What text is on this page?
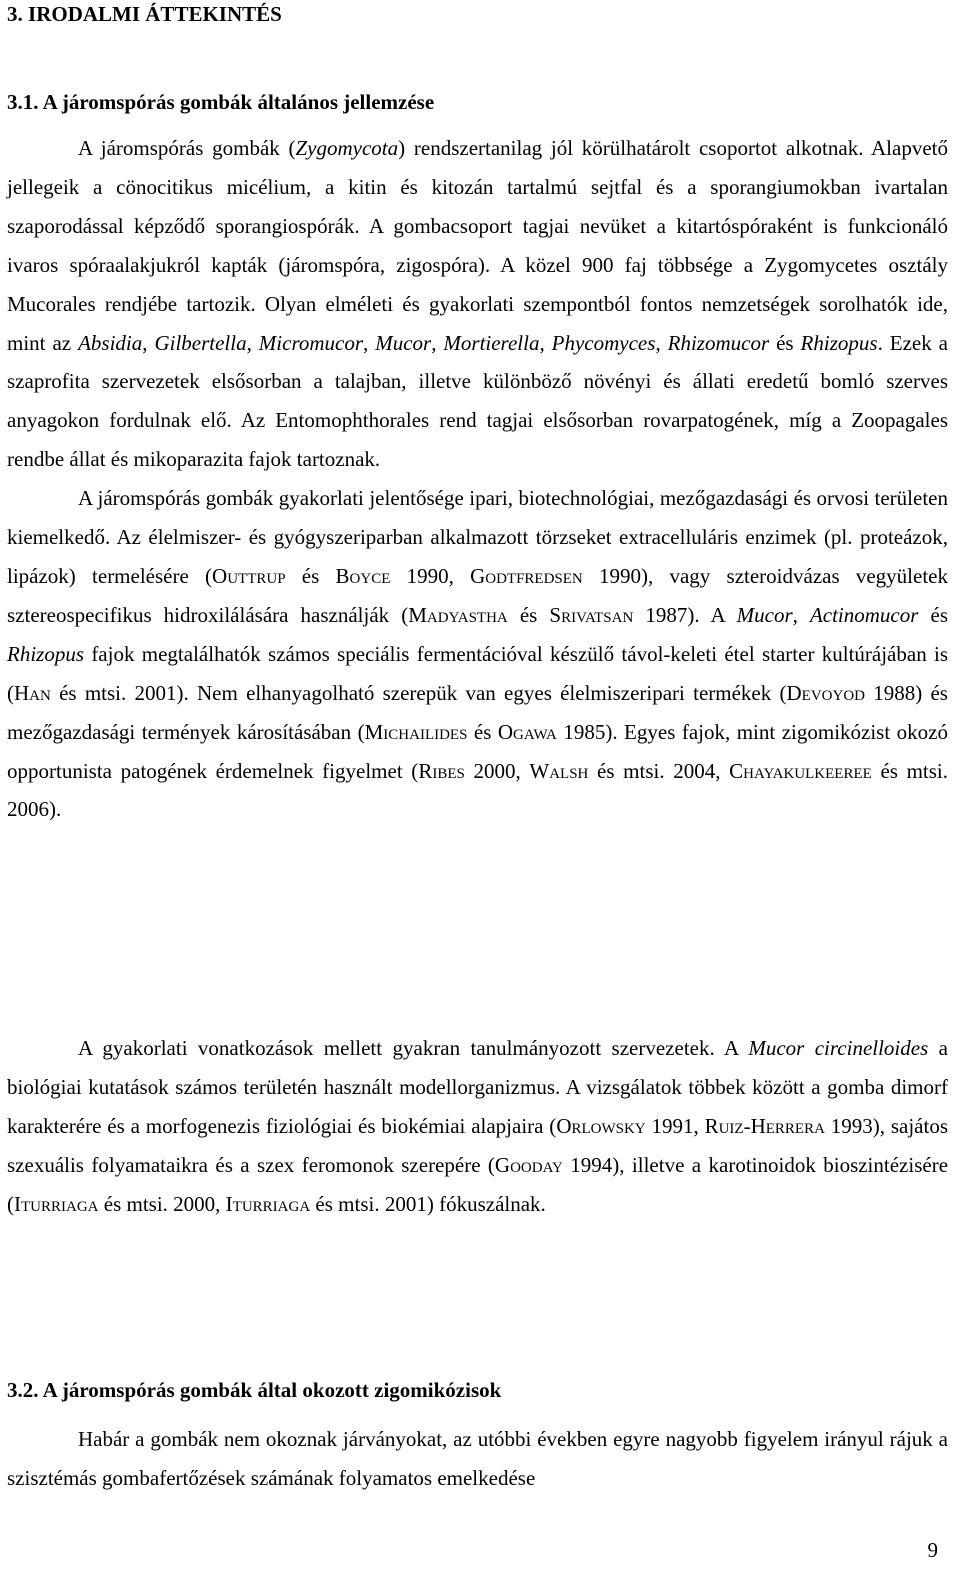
3. IRODALMI ÁTTEKINTÉS
3.1. A járomspórás gombák általános jellemzése

A járomspórás gombák (Zygomycota) rendszertanilag jól körülhatárolt csoportot alkotnak. Alapvető jellegeik a cönocitikus micélium, a kitin és kitozán tartalmú sejtfal és a sporangiumokban ivartalan szaporodással képződő sporangiospórák. A gombacsoport tagjai nevüket a kitartóspóraként is funkcionáló ivaros spóraalakjukról kapták (járomspóra, zigospóra). A közel 900 faj többsége a Zygomycetes osztály Mucorales rendjébe tartozik. Olyan elméleti és gyakorlati szempontból fontos nemzetségek sorolhatók ide, mint az Absidia, Gilbertella, Micromucor, Mucor, Mortierella, Phycomyces, Rhizomucor és Rhizopus. Ezek a szaprofita szervezetek elsősorban a talajban, illetve különböző növényi és állati eredetű bomló szerves anyagokon fordulnak elő. Az Entomophthorales rend tagjai elsősorban rovarpatogének, míg a Zoopagales rendbe állat és mikoparazita fajok tartoznak.
A járomspórás gombák gyakorlati jelentősége ipari, biotechnológiai, mezőgazdasági és orvosi területen kiemelkedő. Az élelmiszer- és gyógyszeriparban alkalmazott törzseket extracelluláris enzimek (pl. proteázok, lipázok) termelésére (Outtrup és Boyce 1990, Godtfredsen 1990), vagy szteroidvázas vegyületek sztereospecifikus hidroxilálására használják (Madyastha és Srivatsan 1987). A Mucor, Actinomucor és Rhizopus fajok megtalálhatók számos speciális fermentációval készülő távol-keleti étel starter kultúrájában is (Han és mtsi. 2001). Nem elhanyagolható szerepük van egyes élelmiszeripari termékek (Devoyod 1988) és mezőgazdasági termények károsításában (Michailides és Ogawa 1985). Egyes fajok, mint zigomikózist okozó opportunista patogének érdemelnek figyelmet (Ribes 2000, Walsh és mtsi. 2004, Chayakulkeeree és mtsi. 2006).

A gyakorlati vonatkozások mellett gyakran tanulmányozott szervezetek. A Mucor circinelloides a biológiai kutatások számos területén használt modellorganizmus. A vizsgálatok többek között a gomba dimorf karakterére és a morfogenezis fiziológiai és biokémiai alapjaira (Orlowsky 1991, Ruiz-Herrera 1993), sajátos szexuális folyamataikra és a szex feromonok szerepére (Gooday 1994), illetve a karotinoidok bioszintézisére (Iturriaga és mtsi. 2000, Iturriaga és mtsi. 2001) fókuszálnak.

3.2. A járomspórás gombák által okozott zigomikózisok

Habár a gombák nem okoznak járványokat, az utóbbi években egyre nagyobb figyelem irányul rájuk a szisztémás gombafertőzések számának folyamatos emelkedése

9
